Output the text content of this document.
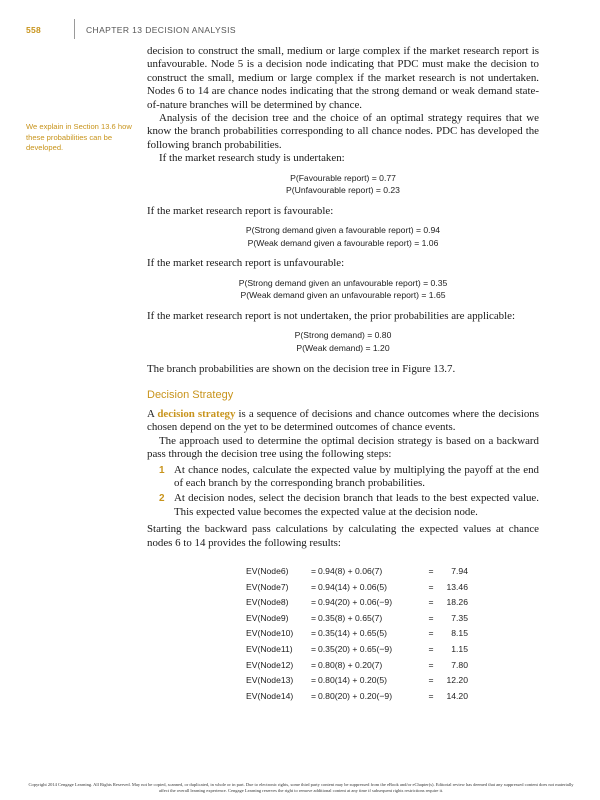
558	CHAPTER 13 DECISION ANALYSIS
We explain in Section 13.6 how these probabilities can be developed.

decision to construct the small, medium or large complex if the market research report is unfavourable. Node 5 is a decision node indicating that PDC must make the decision to construct the small, medium or large complex if the market research is not undertaken. Nodes 6 to 14 are chance nodes indicating that the strong demand or weak demand state-of-nature branches will be determined by chance.

Analysis of the decision tree and the choice of an optimal strategy requires that we know the branch probabilities corresponding to all chance nodes. PDC has developed the following branch probabilities.

If the market research study is undertaken:

P(Favourable report) = 0.77
P(Unfavourable report) = 0.23

If the market research report is favourable:

P(Strong demand given a favourable report) = 0.94
P(Weak demand given a favourable report) = 1.06

If the market research report is unfavourable:

P(Strong demand given an unfavourable report) = 0.35
P(Weak demand given an unfavourable report) = 1.65

If the market research report is not undertaken, the prior probabilities are applicable:

P(Strong demand) = 0.80
P(Weak demand) = 1.20

The branch probabilities are shown on the decision tree in Figure 13.7.

Decision Strategy

A decision strategy is a sequence of decisions and chance outcomes where the decisions chosen depend on the yet to be determined outcomes of chance events.

The approach used to determine the optimal decision strategy is based on a backward pass through the decision tree using the following steps:

1 At chance nodes, calculate the expected value by multiplying the payoff at the end of each branch by the corresponding branch probabilities.
2 At decision nodes, select the decision branch that leads to the best expected value. This expected value becomes the expected value at the decision node.

Starting the backward pass calculations by calculating the expected values at chance nodes 6 to 14 provides the following results:

EV(Node6)	=	0.94(8) + 0.06(7)	=	7.94
EV(Node7)	=	0.94(14) + 0.06(5)	=	13.46
EV(Node8)	=	0.94(20) + 0.06(−9)	=	18.26
EV(Node9)	=	0.35(8) + 0.65(7)	=	7.35
EV(Node10)	=	0.35(14) + 0.65(5)	=	8.15
EV(Node11)	=	0.35(20) + 0.65(−9)	=	1.15
EV(Node12)	=	0.80(8) + 0.20(7)	=	7.80
EV(Node13)	=	0.80(14) + 0.20(5)	=	12.20
EV(Node14)	=	0.80(20) + 0.20(−9)	=	14.20
Copyright 2014 Cengage Learning. All Rights Reserved. May not be copied, scanned, or duplicated, in whole or in part. Due to electronic rights, some third party content may be suppressed from the eBook and/or eChapter(s). Editorial review has deemed that any suppressed content does not materially affect the overall learning experience. Cengage Learning reserves the right to remove additional content at any time if subsequent rights restrictions require it.
